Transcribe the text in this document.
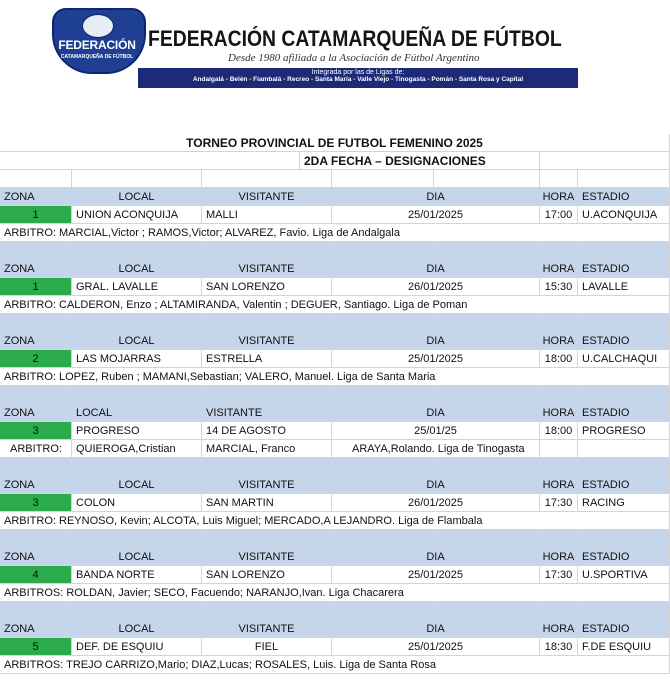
FEDERACIÓN
CATAMARQUEÑA DE FÚTBOL
FEDERACIÓN CATAMARQUEÑA DE FÚTBOL
Desde 1980 afiliada a la Asociación de Fútbol Argentino
Integrada por las de Ligas de:
Andalgalá - Belén - Fiambalá - Recreo - Santa María - Valle Viejo - Tinogasta - Pomán - Santa Rosa y Capital
TORNEO PROVINCIAL DE FUTBOL FEMENINO 2025
2DA FECHA – DESIGNACIONES
ZONA	LOCAL	VISITANTE	DIA	HORA ESTADIO
1	UNION ACONQUIJA	MALLI	25/01/2025	17:00 U.ACONQUIJA
ARBITRO: MARCIAL,Victor ; RAMOS,Victor; ALVAREZ, Favio. Liga de Andalgala
ZONA	LOCAL	VISITANTE	DIA	HORA ESTADIO
1	GRAL. LAVALLE	SAN LORENZO	26/01/2025	15:30 LAVALLE
ARBITRO: CALDERON, Enzo ; ALTAMIRANDA, Valentin ; DEGUER, Santiago. Liga de Poman
ZONA	LOCAL	VISITANTE	DIA	HORA ESTADIO
2	LAS MOJARRAS	ESTRELLA	25/01/2025	18:00 U.CALCHAQUI
ARBITRO: LOPEZ, Ruben ; MAMANI,Sebastian; VALERO, Manuel. Liga de Santa Maria
ZONA	LOCAL	VISITANTE	DIA	HORA ESTADIO
3	PROGRESO	14 DE AGOSTO	25/01/25	18:00 PROGRESO
ARBITRO:	QUIEROGA,Cristian	MARCIAL, Franco	ARAYA,Rolando. Liga de Tinogasta
ZONA	LOCAL	VISITANTE	DIA	HORA ESTADIO
3	COLON	SAN MARTIN	26/01/2025	17:30 RACING
ARBITRO: REYNOSO, Kevin; ALCOTA, Luis Miguel; MERCADO,A LEJANDRO. Liga de Flambala
ZONA	LOCAL	VISITANTE	DIA	HORA ESTADIO
4	BANDA NORTE	SAN LORENZO	25/01/2025	17:30 U.SPORTIVA
ARBITROS: ROLDAN, Javier; SECO, Facuendo; NARANJO,Ivan. Liga Chacarera
ZONA	LOCAL	VISITANTE	DIA	HORA ESTADIO
5	DEF. DE ESQUIU	FIEL	25/01/2025	18:30 F.DE ESQUIU
ARBITROS: TREJO CARRIZO,Mario; DIAZ,Lucas; ROSALES, Luis. Liga de Santa Rosa
